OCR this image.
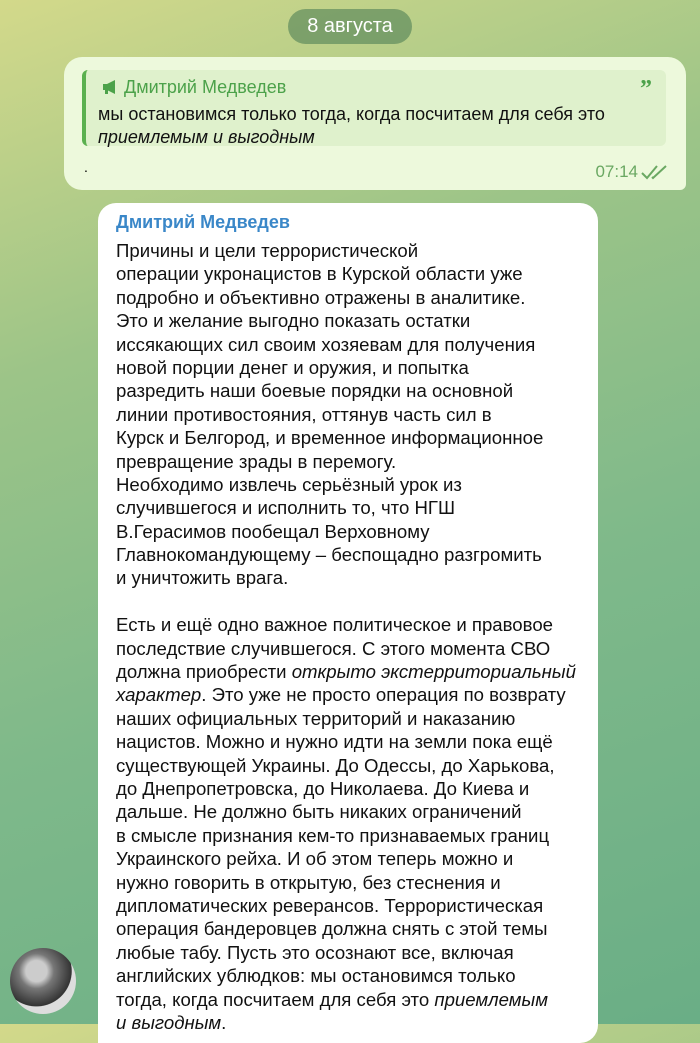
8 августа
Дмитрий Медведев	”
мы остановимся только тогда, когда посчитаем для себя это приемлемым и выгодным
.	07:14
Дмитрий Медведев
Причины и цели террористической
операции укронацистов в Курской области уже
подробно и объективно отражены в аналитике.
Это и желание выгодно показать остатки
иссякающих сил своим хозяевам для получения
новой порции денег и оружия, и попытка
разредить наши боевые порядки на основной
линии противостояния, оттянув часть сил в
Курск и Белгород, и временное информационное
превращение зрады в перемогу.
Необходимо извлечь серьёзный урок из
случившегося и исполнить то, что НГШ
В.Герасимов пообещал Верховному
Главнокомандующему – беспощадно разгромить
и уничтожить врага.
Есть и ещё одно важное политическое и правовое
последствие случившегося. С этого момента СВО
должна приобрести открыто экстерриториальный
характер. Это уже не просто операция по возврату
наших официальных территорий и наказанию
нацистов. Можно и нужно идти на земли пока ещё
существующей Украины. До Одессы, до Харькова,
до Днепропетровска, до Николаева. До Киева и
дальше. Не должно быть никаких ограничений
в смысле признания кем-то признаваемых границ
Украинского рейха. И об этом теперь можно и
нужно говорить в открытую, без стеснения и
дипломатических реверансов. Террористическая
операция бандеровцев должна снять с этой темы
любые табу. Пусть это осознают все, включая
английских ублюдков: мы остановимся только
тогда, когда посчитаем для себя это приемлемым
и выгодным.
